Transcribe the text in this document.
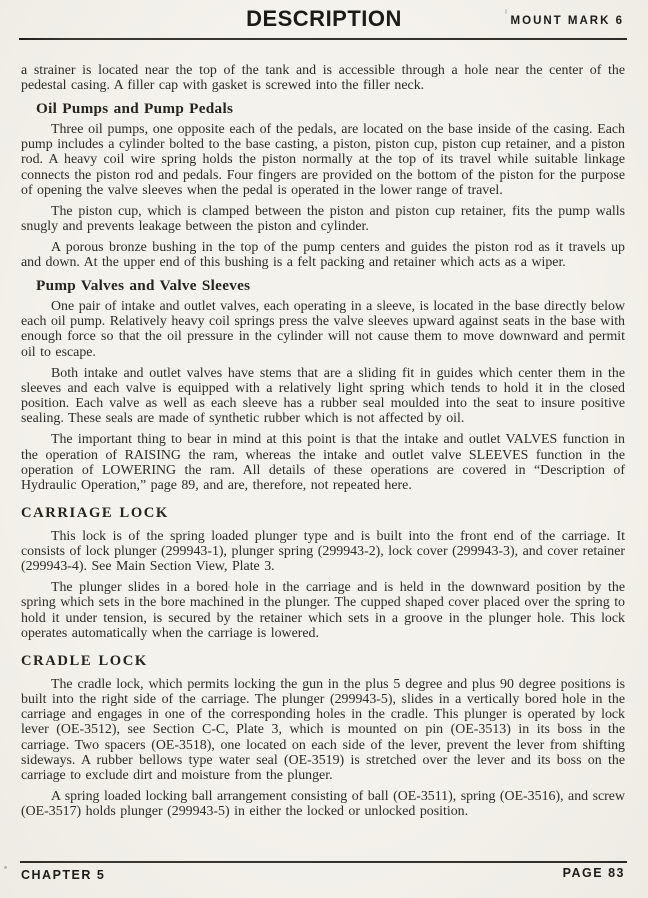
DESCRIPTION	MOUNT MARK 6

a strainer is located near the top of the tank and is accessible through a hole near the center of the pedestal casing. A filler cap with gasket is screwed into the filler neck.

Oil Pumps and Pump Pedals

Three oil pumps, one opposite each of the pedals, are located on the base inside of the casing. Each pump includes a cylinder bolted to the base casting, a piston, piston cup, piston cup retainer, and a piston rod. A heavy coil wire spring holds the piston normally at the top of its travel while suitable linkage connects the piston rod and pedals. Four fingers are provided on the bottom of the piston for the purpose of opening the valve sleeves when the pedal is operated in the lower range of travel.

The piston cup, which is clamped between the piston and piston cup retainer, fits the pump walls snugly and prevents leakage between the piston and cylinder.

A porous bronze bushing in the top of the pump centers and guides the piston rod as it travels up and down. At the upper end of this bushing is a felt packing and retainer which acts as a wiper.

Pump Valves and Valve Sleeves

One pair of intake and outlet valves, each operating in a sleeve, is located in the base directly below each oil pump. Relatively heavy coil springs press the valve sleeves upward against seats in the base with enough force so that the oil pressure in the cylinder will not cause them to move downward and permit oil to escape.

Both intake and outlet valves have stems that are a sliding fit in guides which center them in the sleeves and each valve is equipped with a relatively light spring which tends to hold it in the closed position. Each valve as well as each sleeve has a rubber seal moulded into the seat to insure positive sealing. These seals are made of synthetic rubber which is not affected by oil.

The important thing to bear in mind at this point is that the intake and outlet VALVES function in the operation of RAISING the ram, whereas the intake and outlet valve SLEEVES function in the operation of LOWERING the ram. All details of these operations are covered in “Description of Hydraulic Operation,” page 89, and are, therefore, not repeated here.

CARRIAGE LOCK

This lock is of the spring loaded plunger type and is built into the front end of the carriage. It consists of lock plunger (299943-1), plunger spring (299943-2), lock cover (299943-3), and cover retainer (299943-4). See Main Section View, Plate 3.

The plunger slides in a bored hole in the carriage and is held in the downward position by the spring which sets in the bore machined in the plunger. The cupped shaped cover placed over the spring to hold it under tension, is secured by the retainer which sets in a groove in the plunger hole. This lock operates automatically when the carriage is lowered.

CRADLE LOCK

The cradle lock, which permits locking the gun in the plus 5 degree and plus 90 degree positions is built into the right side of the carriage. The plunger (299943-5), slides in a vertically bored hole in the carriage and engages in one of the corresponding holes in the cradle. This plunger is operated by lock lever (OE-3512), see Section C-C, Plate 3, which is mounted on pin (OE-3513) in its boss in the carriage. Two spacers (OE-3518), one located on each side of the lever, prevent the lever from shifting sideways. A rubber bellows type water seal (OE-3519) is stretched over the lever and its boss on the carriage to exclude dirt and moisture from the plunger.

A spring loaded locking ball arrangement consisting of ball (OE-3511), spring (OE-3516), and screw (OE-3517) holds plunger (299943-5) in either the locked or unlocked position.

CHAPTER 5	PAGE 83
